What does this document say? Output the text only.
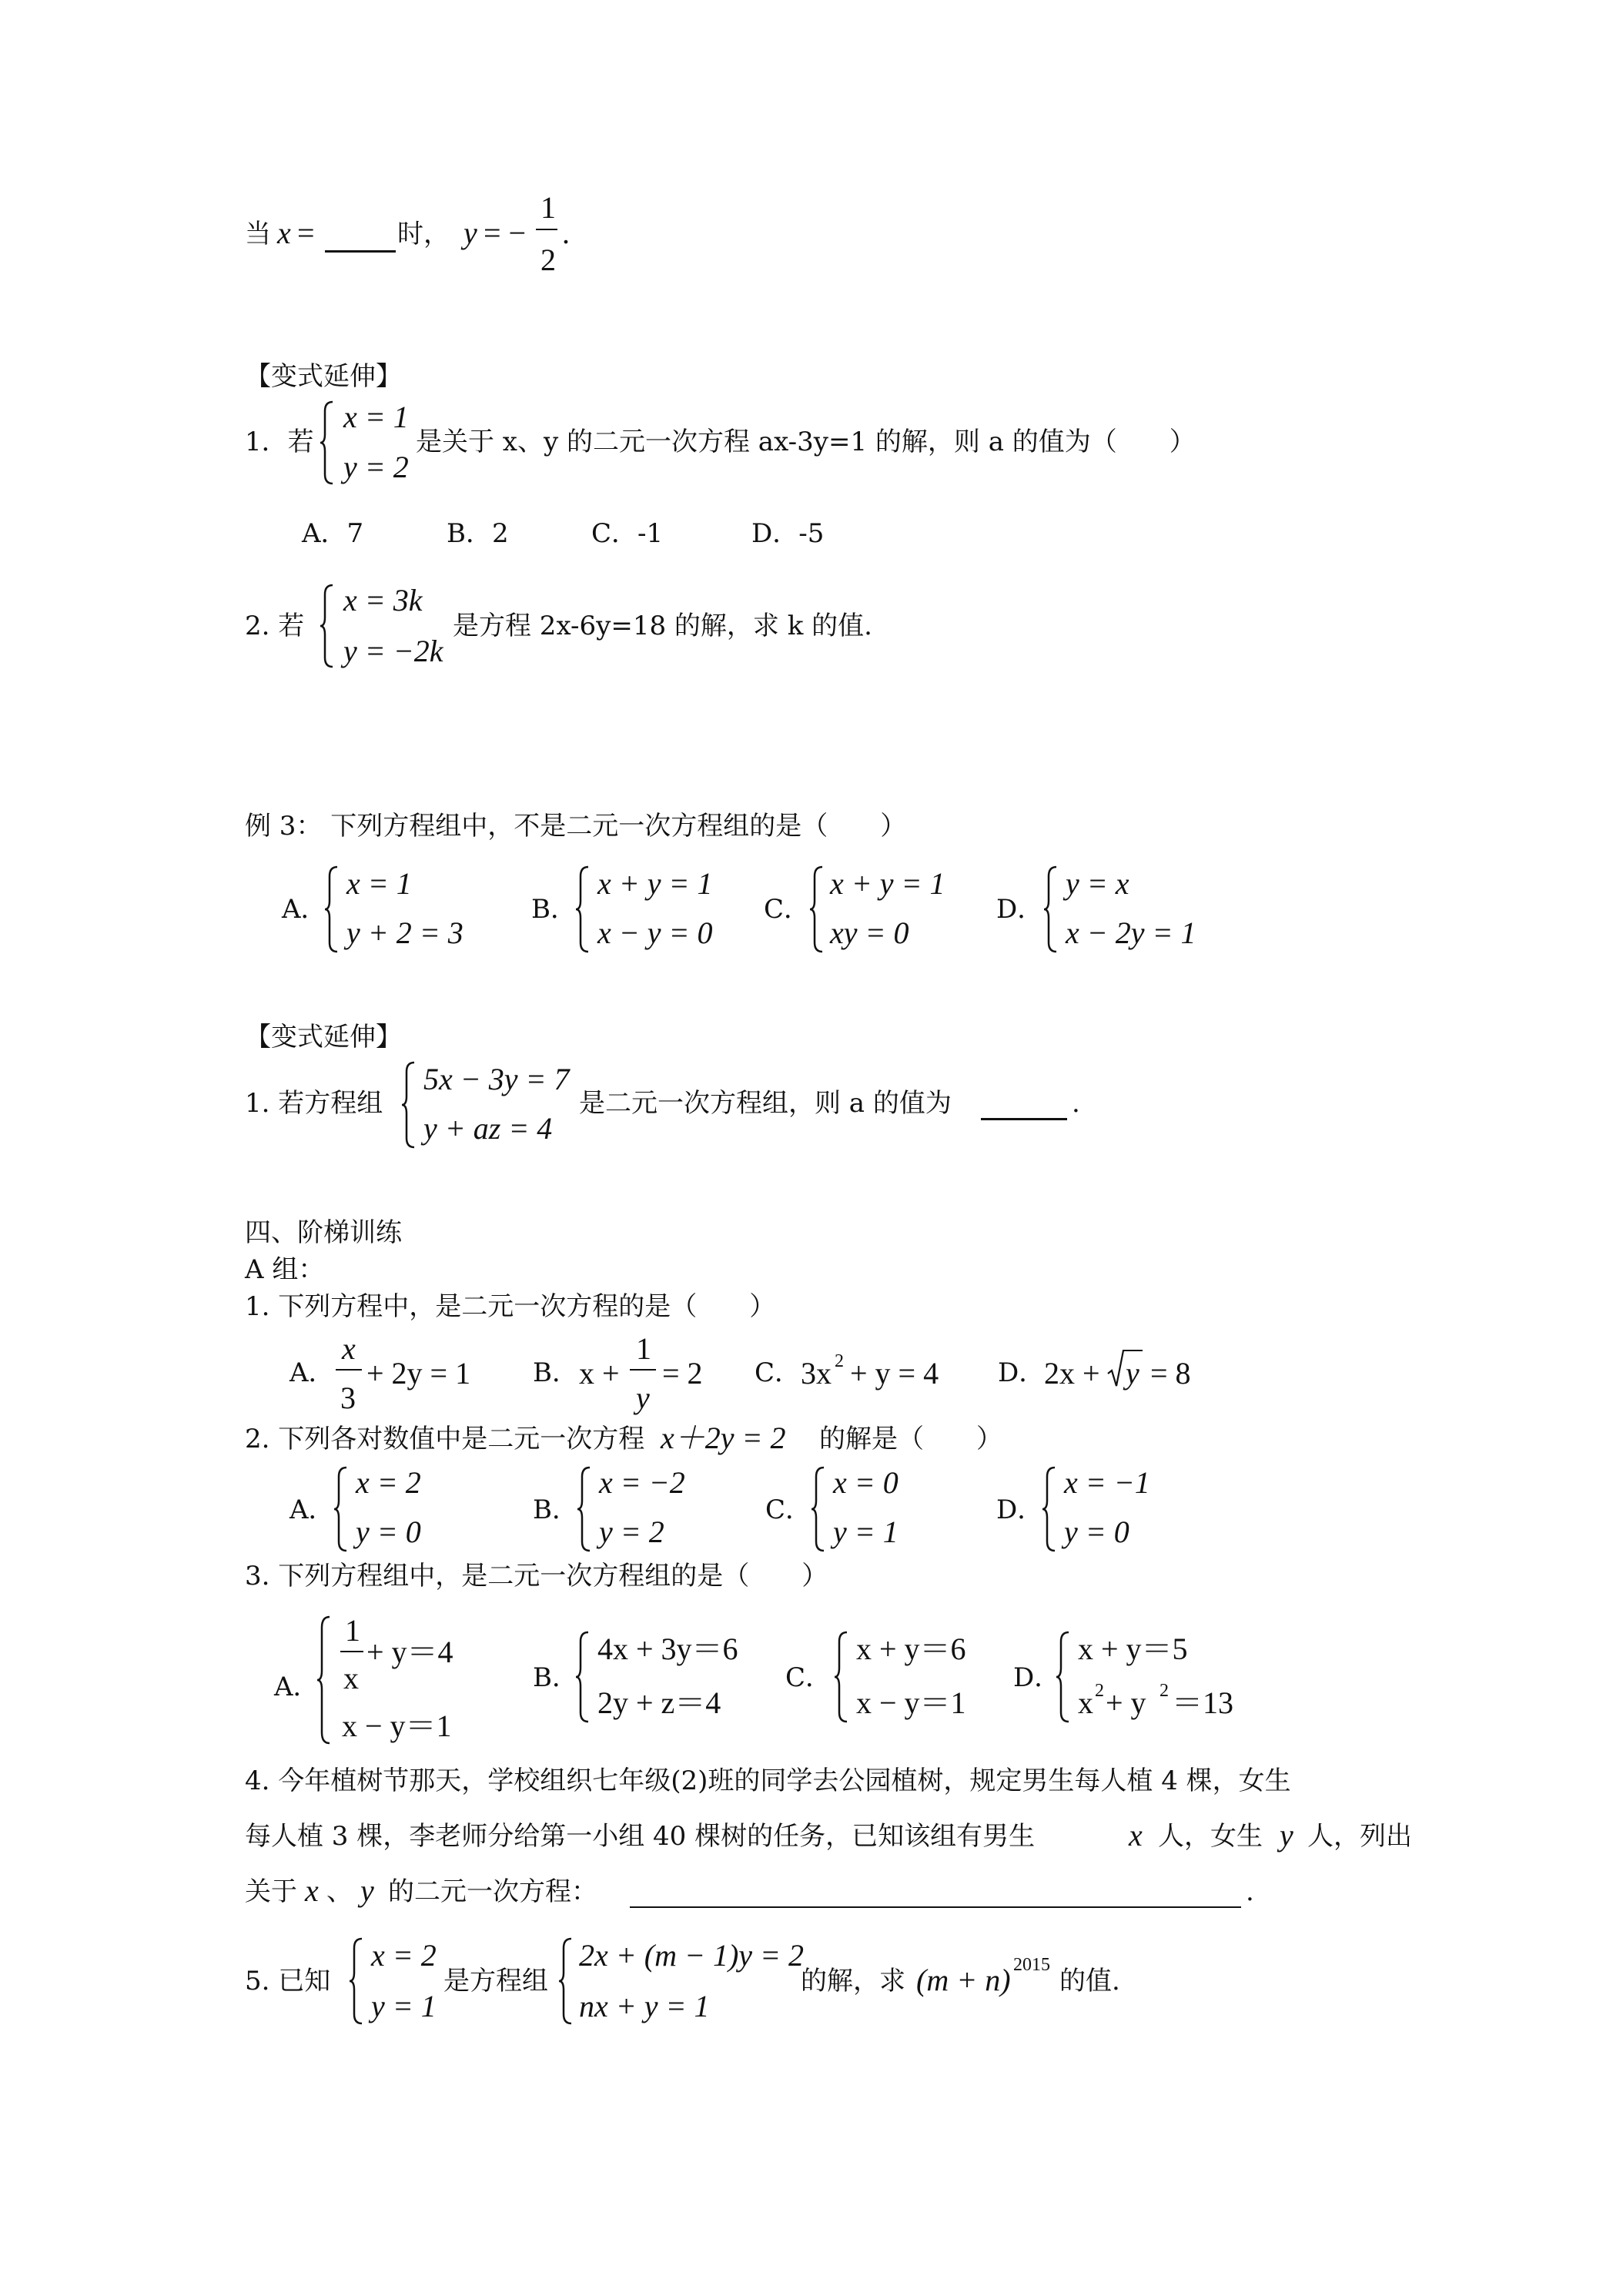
当 x =	时， y = −
1
2
.
【变式延伸】
1．若
x = 1
y = 2
是关于 x、y 的二元一次方程 ax-3y=1 的解，则 a 的值为（　　）
A．7	B．2	C．-1	D．-5
2. 若
x = 3k
y = −2k
是方程 2x-6y=18 的解，求 k 的值.
例 3： 下列方程组中，不是二元一次方程组的是（　　）
A．
x = 1
y + 2 = 3
B．
x + y = 1
x − y = 0
C．
x + y = 1
xy = 0
D．
y = x
x − 2y = 1
【变式延伸】
1. 若方程组
5x − 3y = 7
y + az = 4
是二元一次方程组，则 a 的值为	.
四、阶梯训练
A 组：
1. 下列方程中，是二元一次方程的是（　　）
A．
x
3
+ 2y = 1 B． x +
1
y
= 2 C． 3x 2 + y = 4 D．
2x + y = 8
2. 下列各对数值中是二元一次方程 x＋2y = 2 的解是（　　）
A．
x = 2
y = 0
B．
x = −2
y = 2
C．
x = 0
y = 1
D．
x = −1
y = 0
3. 下列方程组中，是二元一次方程组的是（　　）
A．
1
x
+ y＝4
x − y＝1
B．
4x + 3y＝6
2y + z＝4
C．
x + y＝6
x − y＝1
D．
x + y＝5
x 2 + y 2 ＝13
4. 今年植树节那天，学校组织七年级(2)班的同学去公园植树，规定男生每人植 4 棵，女生
每人植 3 棵，李老师分给第一小组 40 棵树的任务，已知该组有男生	x 人，女生 y 人，列出
关于 x 、 y 的二元一次方程：	.
5. 已知
x = 2
y = 1
是方程组
2x + (m − 1)y = 2
nx + y = 1
的解，求 (m + n) 2015
的值.
